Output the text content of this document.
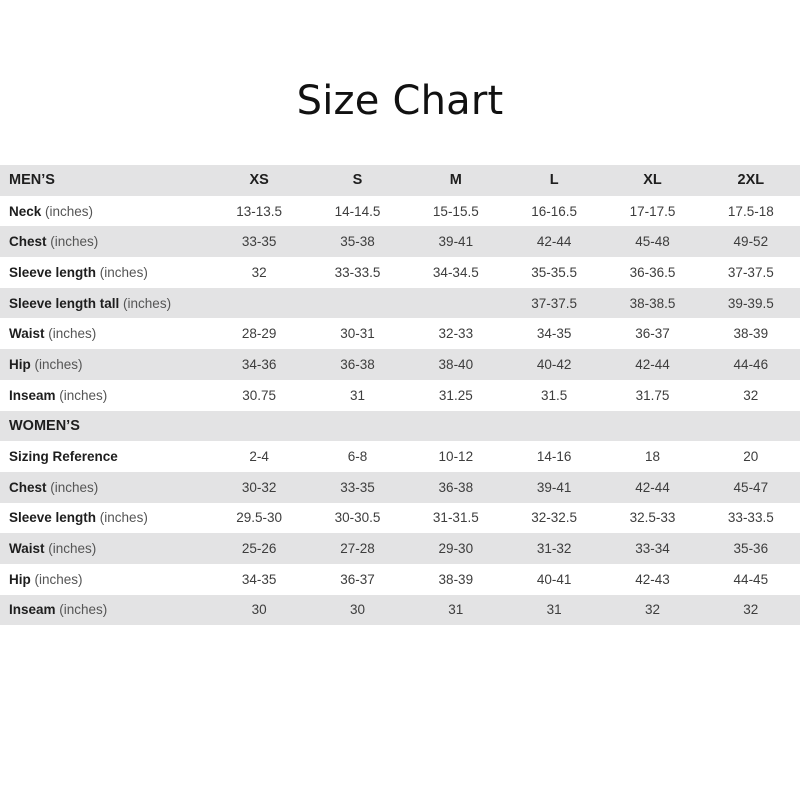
Size Chart
MEN’S	XS	S	M	L	XL	2XL
Neck (inches)	13-13.5	14-14.5	15-15.5	16-16.5	17-17.5	17.5-18
Chest (inches)	33-35	35-38	39-41	42-44	45-48	49-52
Sleeve length (inches)	32	33-33.5	34-34.5	35-35.5	36-36.5	37-37.5
Sleeve length tall (inches)				37-37.5	38-38.5	39-39.5
Waist (inches)	28-29	30-31	32-33	34-35	36-37	38-39
Hip (inches)	34-36	36-38	38-40	40-42	42-44	44-46
Inseam (inches)	30.75	31	31.25	31.5	31.75	32
WOMEN’S						
Sizing Reference	2-4	6-8	10-12	14-16	18	20
Chest (inches)	30-32	33-35	36-38	39-41	42-44	45-47
Sleeve length (inches)	29.5-30	30-30.5	31-31.5	32-32.5	32.5-33	33-33.5
Waist (inches)	25-26	27-28	29-30	31-32	33-34	35-36
Hip (inches)	34-35	36-37	38-39	40-41	42-43	44-45
Inseam (inches)	30	30	31	31	32	32
